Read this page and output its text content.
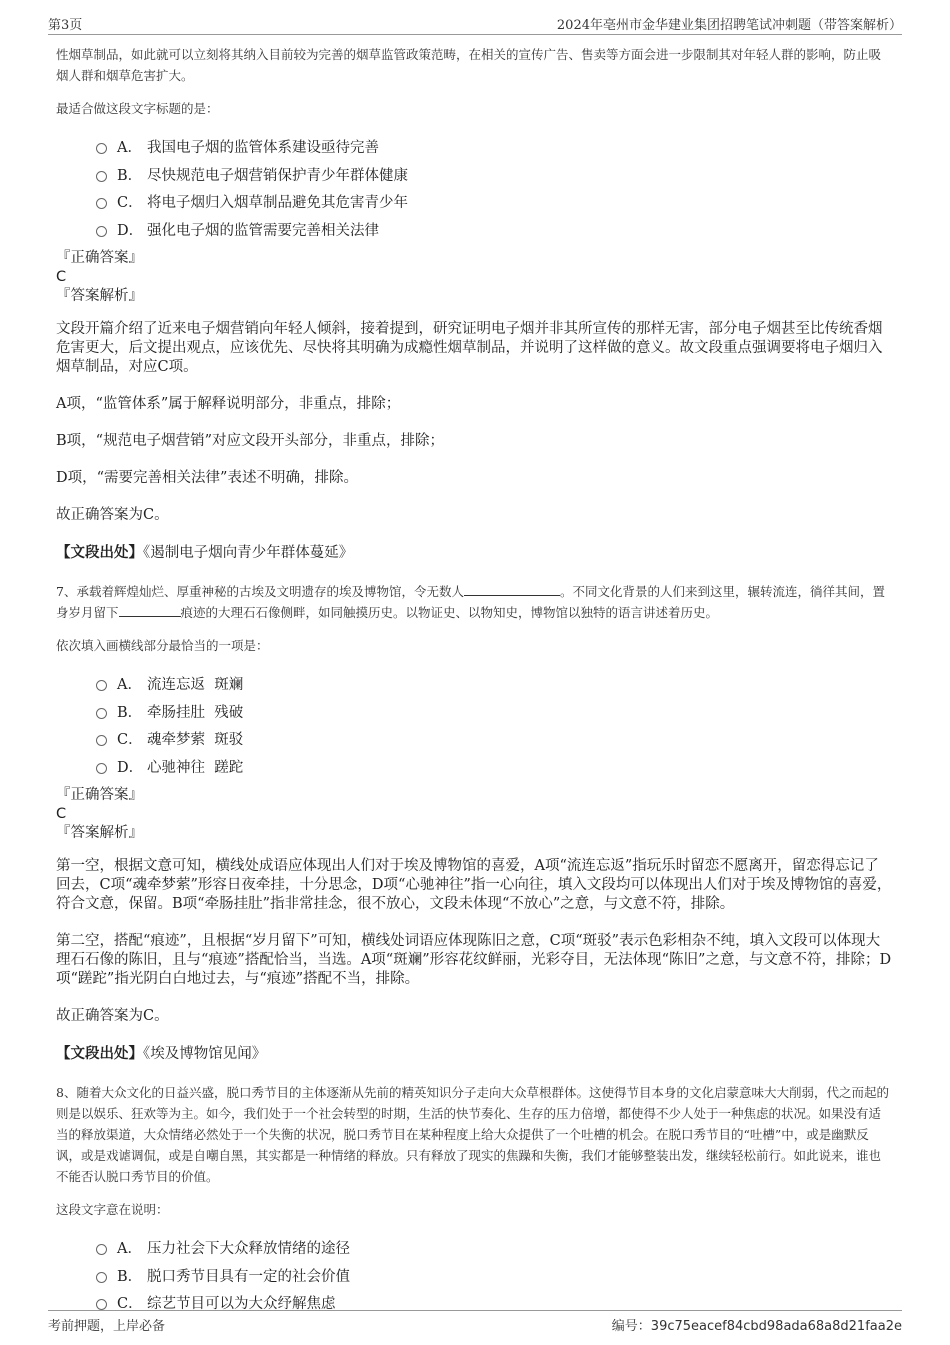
第3页	2024年亳州市金华建业集团招聘笔试冲刺题（带答案解析）

性烟草制品，如此就可以立刻将其纳入目前较为完善的烟草监管政策范畴，在相关的宣传广告、售卖等方面会进一步限制其对年轻人群的影响，防止吸烟人群和烟草危害扩大。

最适合做这段文字标题的是：

A． 我国电子烟的监管体系建设亟待完善
B． 尽快规范电子烟营销保护青少年群体健康
C． 将电子烟归入烟草制品避免其危害青少年
D． 强化电子烟的监管需要完善相关法律

『正确答案』

C

『答案解析』

文段开篇介绍了近来电子烟营销向年轻人倾斜，接着提到，研究证明电子烟并非其所宣传的那样无害，部分电子烟甚至比传统香烟危害更大，后文提出观点，应该优先、尽快将其明确为成瘾性烟草制品，并说明了这样做的意义。故文段重点强调要将电子烟归入烟草制品，对应C项。

A项，“监管体系”属于解释说明部分，非重点，排除；

B项，“规范电子烟营销”对应文段开头部分，非重点，排除；

D项，“需要完善相关法律”表述不明确，排除。

故正确答案为C。

【文段出处】《遏制电子烟向青少年群体蔓延》

7、承载着辉煌灿烂、厚重神秘的古埃及文明遗存的埃及博物馆，令无数人	。不同文化背景的人们来到这里，辗转流连，徜徉其间，置身岁月留下	痕迹的大理石石像侧畔，如同触摸历史。以物证史、以物知史，博物馆以独特的语言讲述着历史。

依次填入画横线部分最恰当的一项是：

A． 流连忘返  斑斓
B． 牵肠挂肚  残破
C． 魂牵梦萦  斑驳
D． 心驰神往  蹉跎

『正确答案』

C

『答案解析』

第一空，根据文意可知，横线处成语应体现出人们对于埃及博物馆的喜爱，A项“流连忘返”指玩乐时留恋不愿离开，留恋得忘记了回去，C项“魂牵梦萦”形容日夜牵挂，十分思念，D项“心驰神往”指一心向往，填入文段均可以体现出人们对于埃及博物馆的喜爱，符合文意，保留。B项“牵肠挂肚”指非常挂念，很不放心，文段未体现“不放心”之意，与文意不符，排除。

第二空，搭配“痕迹”，且根据“岁月留下”可知，横线处词语应体现陈旧之意，C项“斑驳”表示色彩相杂不纯，填入文段可以体现大理石石像的陈旧，且与“痕迹”搭配恰当，当选。A项“斑斓”形容花纹鲜丽，光彩夺目，无法体现“陈旧”之意，与文意不符，排除；D项“蹉跎”指光阴白白地过去，与“痕迹”搭配不当，排除。

故正确答案为C。

【文段出处】《埃及博物馆见闻》

8、随着大众文化的日益兴盛，脱口秀节目的主体逐渐从先前的精英知识分子走向大众草根群体。这使得节目本身的文化启蒙意味大大削弱，代之而起的则是以娱乐、狂欢等为主。如今，我们处于一个社会转型的时期，生活的快节奏化、生存的压力倍增，都使得不少人处于一种焦虑的状况。如果没有适当的释放渠道，大众情绪必然处于一个失衡的状况，脱口秀节目在某种程度上给大众提供了一个吐槽的机会。在脱口秀节目的“吐槽”中，或是幽默反讽，或是戏谑调侃，或是自嘲自黑，其实都是一种情绪的释放。只有释放了现实的焦躁和失衡，我们才能够整装出发，继续轻松前行。如此说来，谁也不能否认脱口秀节目的价值。

这段文字意在说明：

A． 压力社会下大众释放情绪的途径
B． 脱口秀节目具有一定的社会价值
C． 综艺节目可以为大众纾解焦虑
考前押题，上岸必备	编号：39c75eacef84cbd98ada68a8d21faa2e
